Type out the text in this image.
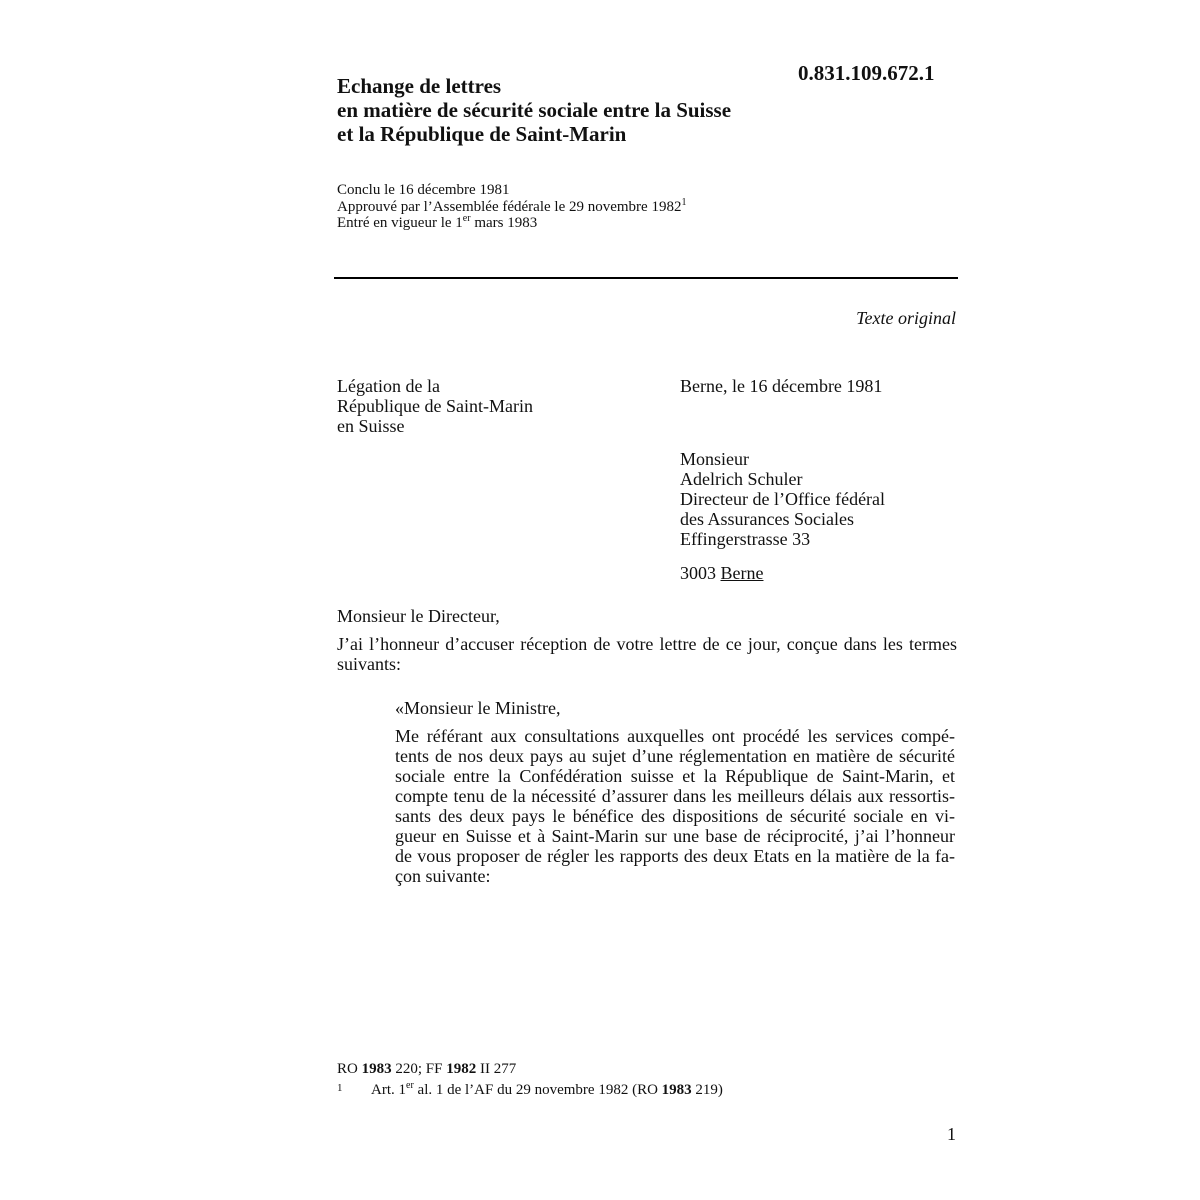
0.831.109.672.1
Echange de lettres
en matière de sécurité sociale entre la Suisse
et la République de Saint-Marin
Conclu le 16 décembre 1981
Approuvé par l’Assemblée fédérale le 29 novembre 1982$^1$
Entré en vigueur le 1er mars 1983
Texte original
Légation de la
République de Saint-Marin
en Suisse
Berne, le 16 décembre 1981
Monsieur
Adelrich Schuler
Directeur de l’Office fédéral
des Assurances Sociales
Effingerstrasse 33
3003 Berne
Monsieur le Directeur,
J’ai l’honneur d’accuser réception de votre lettre de ce jour, conçue dans les termes suivants:
«Monsieur le Ministre,
Me référant aux consultations auxquelles ont procédé les services compé-
tents de nos deux pays au sujet d’une réglementation en matière de sécurité
sociale entre la Confédération suisse et la République de Saint-Marin, et
compte tenu de la nécessité d’assurer dans les meilleurs délais aux ressortis-
sants des deux pays le bénéfice des dispositions de sécurité sociale en vi-
gueur en Suisse et à Saint-Marin sur une base de réciprocité, j’ai l’honneur
de vous proposer de régler les rapports des deux Etats en la matière de la fa-
çon suivante:
RO 1983 220; FF 1982 II 277
1 Art. 1er al. 1 de l’AF du 29 novembre 1982 (RO 1983 219)
1
